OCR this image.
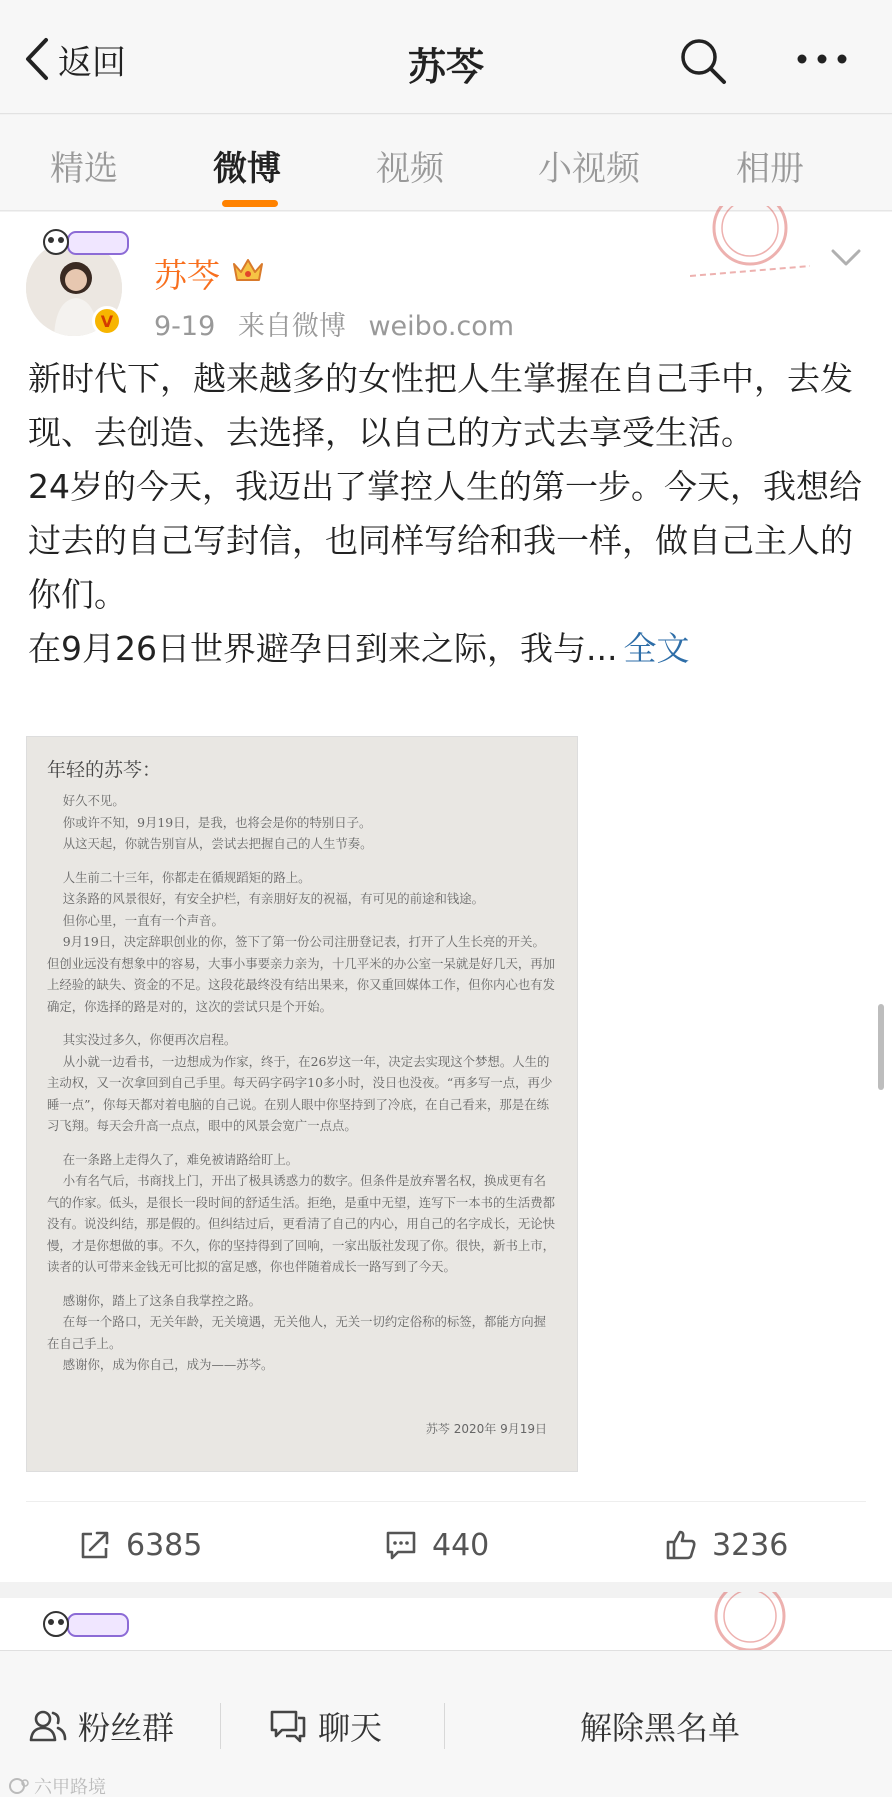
返回	苏芩
精选	微博	视频	小视频	相册
V
苏芩
9-19 来自微博 weibo.com

新时代下，越来越多的女性把人生掌握在自己手中，去发现、去创造、去选择，以自己的方式去享受生活。

24岁的今天，我迈出了掌控人生的第一步。今天，我想给过去的自己写封信，也同样写给和我一样，做自己主人的你们。

在9月26日世界避孕日到来之际，我与... 全文

年轻的苏芩：
好久不见。
你或许不知，9月19日，是我，也将会是你的特别日子。
从这天起，你就告别盲从，尝试去把握自己的人生节奏。
人生前二十三年，你都走在循规蹈矩的路上。
这条路的风景很好，有安全护栏，有亲朋好友的祝福，有可见的前途和钱途。
但你心里，一直有一个声音。
9月19日，决定辞职创业的你，签下了第一份公司注册登记表，打开了人生长亮的开关。但创业远没有想象中的容易，大事小事要亲力亲为，十几平米的办公室一呆就是好几天，再加上经验的缺失、资金的不足。这段花最终没有结出果来，你又重回媒体工作，但你内心也有发确定，你选择的路是对的，这次的尝试只是个开始。
其实没过多久，你便再次启程。
从小就一边看书，一边想成为作家，终于，在26岁这一年，决定去实现这个梦想。人生的主动权，又一次拿回到自己手里。每天码字码字10多小时，没日也没夜。“再多写一点，再少睡一点”，你每天都对着电脑的自己说。在别人眼中你坚持到了冷底，在自己看来，那是在练习飞翔。每天会升高一点点，眼中的风景会宽广一点点。
在一条路上走得久了，难免被请路给盯上。
小有名气后，书商找上门，开出了极具诱惑力的数字。但条件是放弃署名权，换成更有名气的作家。低头，是很长一段时间的舒适生活。拒绝，是重中无望，连写下一本书的生活费都没有。说没纠结，那是假的。但纠结过后，更看清了自己的内心，用自己的名字成长，无论快慢，才是你想做的事。不久，你的坚持得到了回响，一家出版社发现了你。很快，新书上市，读者的认可带来金钱无可比拟的富足感，你也伴随着成长一路写到了今天。
感谢你，踏上了这条自我掌控之路。
在每一个路口，无关年龄，无关境遇，无关他人，无关一切约定俗称的标签，都能方向握在自己手上。
感谢你，成为你自己，成为——苏芩。
苏芩 2020年 9月19日
6385	440	3236
粉丝群	聊天	解除黑名单
六甲路境
